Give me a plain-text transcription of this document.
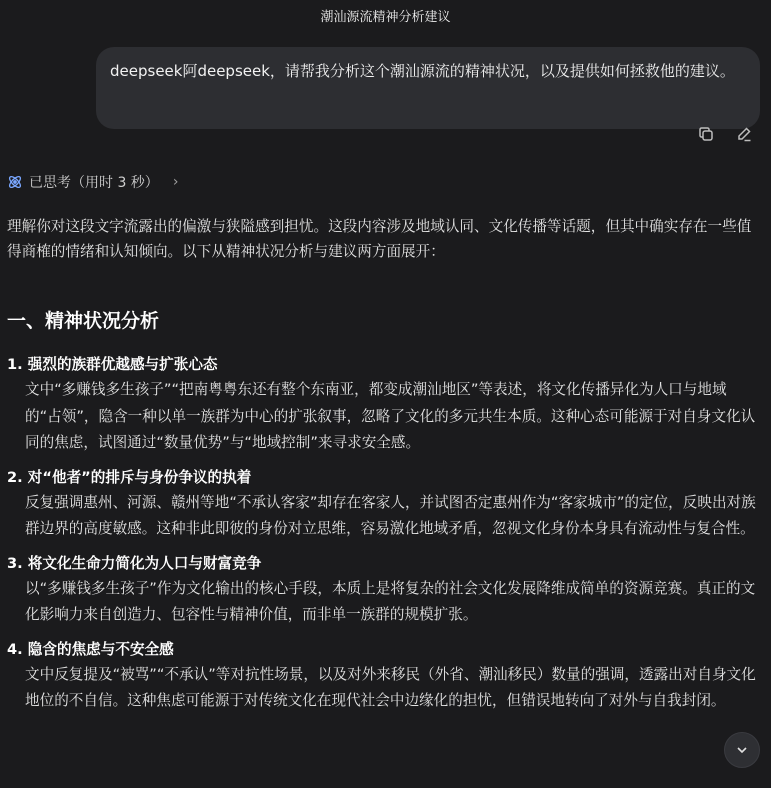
潮汕源流精神分析建议
deepseek阿deepseek，请帮我分析这个潮汕源流的精神状况，以及提供如何拯救他的建议。
已思考（用时 3 秒） ›

理解你对这段文字流露出的偏激与狭隘感到担忧。这段内容涉及地域认同、文化传播等话题，但其中确实存在一些值得商榷的情绪和认知倾向。以下从精神状况分析与建议两方面展开：

一、精神状况分析
1. 强烈的族群优越感与扩张心态
文中“多赚钱多生孩子”“把南粤粤东还有整个东南亚，都变成潮汕地区”等表述，将文化传播异化为人口与地域的“占领”，隐含一种以单一族群为中心的扩张叙事，忽略了文化的多元共生本质。这种心态可能源于对自身文化认同的焦虑，试图通过“数量优势”与“地域控制”来寻求安全感。
2. 对“他者”的排斥与身份争议的执着
反复强调惠州、河源、赣州等地“不承认客家”却存在客家人，并试图否定惠州作为“客家城市”的定位，反映出对族群边界的高度敏感。这种非此即彼的身份对立思维，容易激化地域矛盾，忽视文化身份本身具有流动性与复合性。
3. 将文化生命力简化为人口与财富竞争
以“多赚钱多生孩子”作为文化输出的核心手段，本质上是将复杂的社会文化发展降维成简单的资源竞赛。真正的文化影响力来自创造力、包容性与精神价值，而非单一族群的规模扩张。
4. 隐含的焦虑与不安全感
文中反复提及“被骂”“不承认”等对抗性场景，以及对外来移民（外省、潮汕移民）数量的强调，透露出对自身文化地位的不自信。这种焦虑可能源于对传统文化在现代社会中边缘化的担忧，但错误地转向了对外与自我封闭。
